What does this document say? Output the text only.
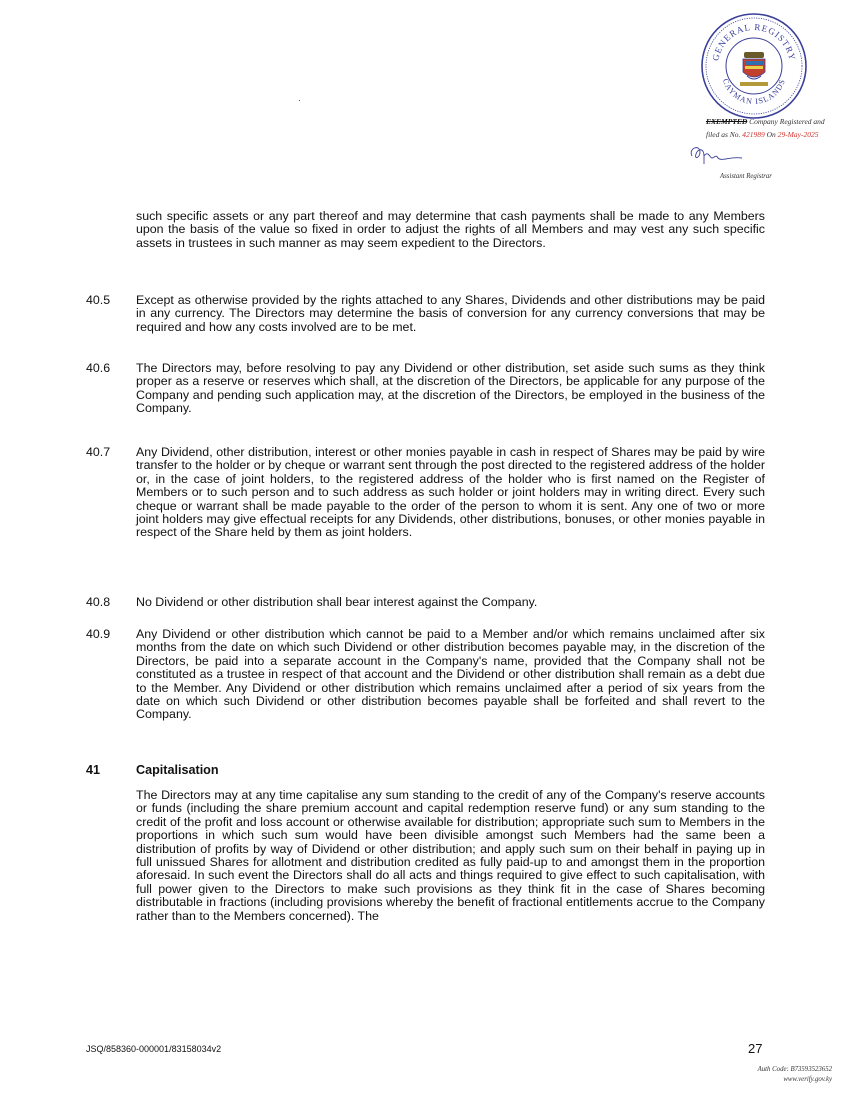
GENERAL REGISTRY
CAYMAN ISLANDS
EXEMPTED Company Registered and
filed as No. 421989 On 29-May-2025
Assistant Registrar

such specific assets or any part thereof and may determine that cash payments shall be made to any Members upon the basis of the value so fixed in order to adjust the rights of all Members and may vest any such specific assets in trustees in such manner as may seem expedient to the Directors.

40.5 Except as otherwise provided by the rights attached to any Shares, Dividends and other distributions may be paid in any currency. The Directors may determine the basis of conversion for any currency conversions that may be required and how any costs involved are to be met.

40.6 The Directors may, before resolving to pay any Dividend or other distribution, set aside such sums as they think proper as a reserve or reserves which shall, at the discretion of the Directors, be applicable for any purpose of the Company and pending such application may, at the discretion of the Directors, be employed in the business of the Company.

40.7 Any Dividend, other distribution, interest or other monies payable in cash in respect of Shares may be paid by wire transfer to the holder or by cheque or warrant sent through the post directed to the registered address of the holder or, in the case of joint holders, to the registered address of the holder who is first named on the Register of Members or to such person and to such address as such holder or joint holders may in writing direct. Every such cheque or warrant shall be made payable to the order of the person to whom it is sent. Any one of two or more joint holders may give effectual receipts for any Dividends, other distributions, bonuses, or other monies payable in respect of the Share held by them as joint holders.

40.8 No Dividend or other distribution shall bear interest against the Company.

40.9 Any Dividend or other distribution which cannot be paid to a Member and/or which remains unclaimed after six months from the date on which such Dividend or other distribution becomes payable may, in the discretion of the Directors, be paid into a separate account in the Company's name, provided that the Company shall not be constituted as a trustee in respect of that account and the Dividend or other distribution shall remain as a debt due to the Member. Any Dividend or other distribution which remains unclaimed after a period of six years from the date on which such Dividend or other distribution becomes payable shall be forfeited and shall revert to the Company.

41	Capitalisation

The Directors may at any time capitalise any sum standing to the credit of any of the Company's reserve accounts or funds (including the share premium account and capital redemption reserve fund) or any sum standing to the credit of the profit and loss account or otherwise available for distribution; appropriate such sum to Members in the proportions in which such sum would have been divisible amongst such Members had the same been a distribution of profits by way of Dividend or other distribution; and apply such sum on their behalf in paying up in full unissued Shares for allotment and distribution credited as fully paid-up to and amongst them in the proportion aforesaid. In such event the Directors shall do all acts and things required to give effect to such capitalisation, with full power given to the Directors to make such provisions as they think fit in the case of Shares becoming distributable in fractions (including provisions whereby the benefit of fractional entitlements accrue to the Company rather than to the Members concerned). The

JSQ/858360-000001/83158034v2	27
Auth Code: B73593523652
www.verify.gov.ky
